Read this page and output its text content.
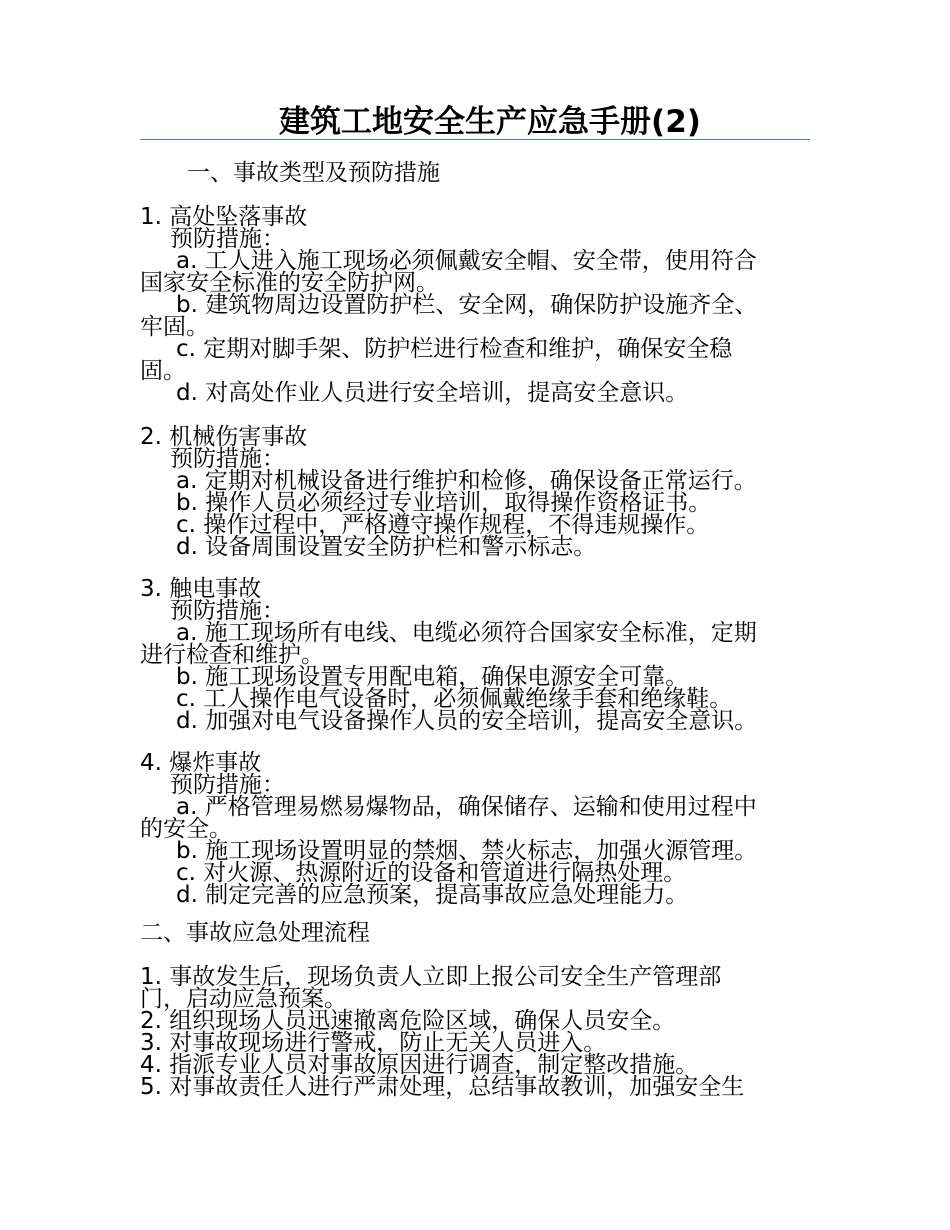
建筑工地安全生产应急手册(2)
一、事故类型及预防措施
1. 高处坠落事故
预防措施：
a. 工人进入施工现场必须佩戴安全帽、安全带，使用符合
国家安全标准的安全防护网。
b. 建筑物周边设置防护栏、安全网，确保防护设施齐全、
牢固。
c. 定期对脚手架、防护栏进行检查和维护，确保安全稳
固。
d. 对高处作业人员进行安全培训，提高安全意识。
2. 机械伤害事故
预防措施：
a. 定期对机械设备进行维护和检修，确保设备正常运行。
b. 操作人员必须经过专业培训，取得操作资格证书。
c. 操作过程中，严格遵守操作规程，不得违规操作。
d. 设备周围设置安全防护栏和警示标志。
3. 触电事故
预防措施：
a. 施工现场所有电线、电缆必须符合国家安全标准，定期
进行检查和维护。
b. 施工现场设置专用配电箱，确保电源安全可靠。
c. 工人操作电气设备时，必须佩戴绝缘手套和绝缘鞋。
d. 加强对电气设备操作人员的安全培训，提高安全意识。
4. 爆炸事故
预防措施：
a. 严格管理易燃易爆物品，确保储存、运输和使用过程中
的安全。
b. 施工现场设置明显的禁烟、禁火标志，加强火源管理。
c. 对火源、热源附近的设备和管道进行隔热处理。
d. 制定完善的应急预案，提高事故应急处理能力。
二、事故应急处理流程
1. 事故发生后，现场负责人立即上报公司安全生产管理部
门，启动应急预案。
2. 组织现场人员迅速撤离危险区域，确保人员安全。
3. 对事故现场进行警戒，防止无关人员进入。
4. 指派专业人员对事故原因进行调查，制定整改措施。
5. 对事故责任人进行严肃处理，总结事故教训，加强安全生
